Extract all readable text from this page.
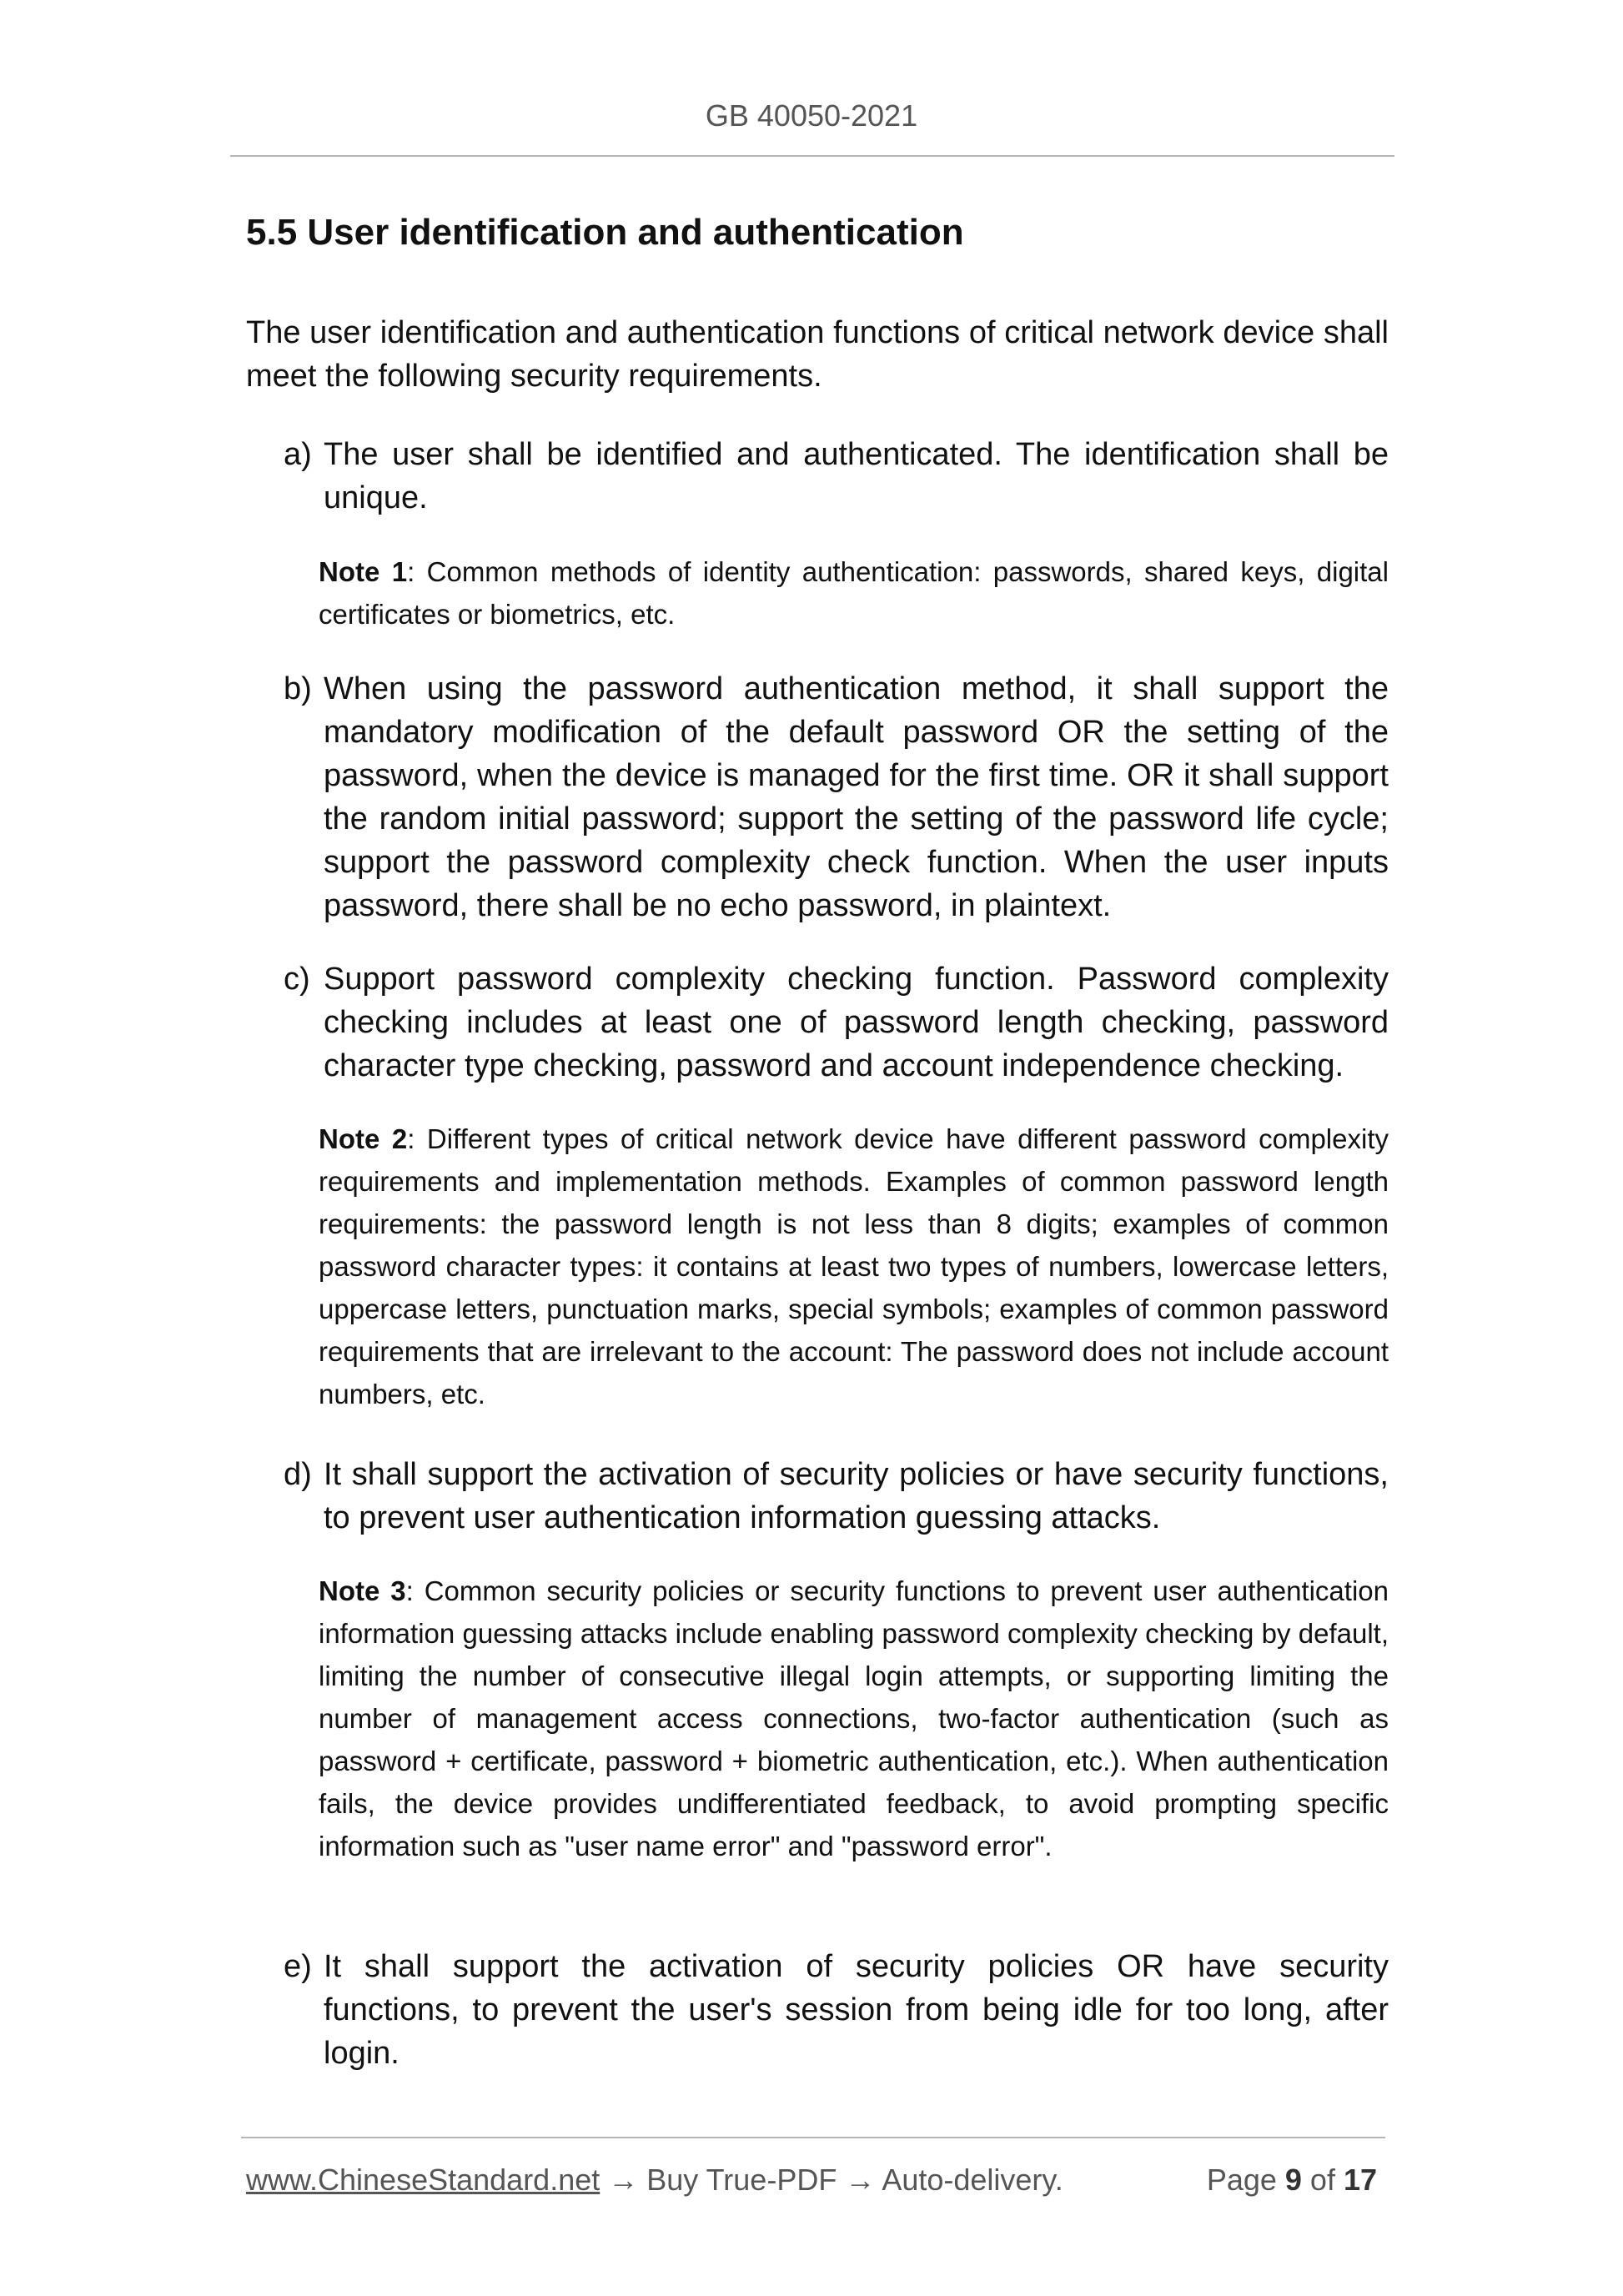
GB 40050-2021
5.5 User identification and authentication

The user identification and authentication functions of critical network device shall meet the following security requirements.

a) The user shall be identified and authenticated. The identification shall be unique.

Note 1: Common methods of identity authentication: passwords, shared keys, digital certificates or biometrics, etc.

b) When using the password authentication method, it shall support the mandatory modification of the default password OR the setting of the password, when the device is managed for the first time. OR it shall support the random initial password; support the setting of the password life cycle; support the password complexity check function. When the user inputs password, there shall be no echo password, in plaintext.

c) Support password complexity checking function. Password complexity checking includes at least one of password length checking, password character type checking, password and account independence checking.

Note 2: Different types of critical network device have different password complexity requirements and implementation methods. Examples of common password length requirements: the password length is not less than 8 digits; examples of common password character types: it contains at least two types of numbers, lowercase letters, uppercase letters, punctuation marks, special symbols; examples of common password requirements that are irrelevant to the account: The password does not include account numbers, etc.

d) It shall support the activation of security policies or have security functions, to prevent user authentication information guessing attacks.

Note 3: Common security policies or security functions to prevent user authentication information guessing attacks include enabling password complexity checking by default, limiting the number of consecutive illegal login attempts, or supporting limiting the number of management access connections, two-factor authentication (such as password + certificate, password + biometric authentication, etc.). When authentication fails, the device provides undifferentiated feedback, to avoid prompting specific information such as "user name error" and "password error".

e) It shall support the activation of security policies OR have security functions, to prevent the user's session from being idle for too long, after login.

www.ChineseStandard.net → Buy True-PDF → Auto-delivery.	Page 9 of 17
